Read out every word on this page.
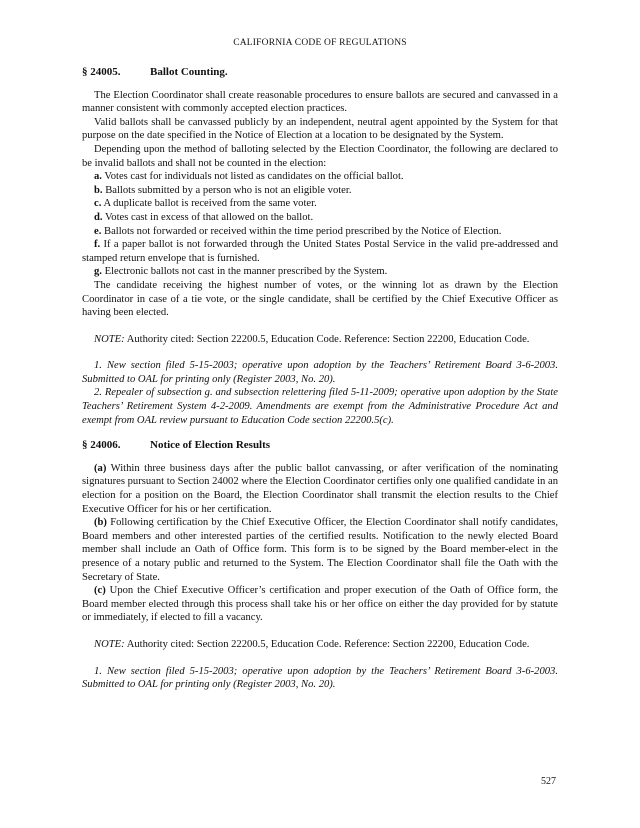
CALIFORNIA CODE OF REGULATIONS
§ 24005.	Ballot Counting.

The Election Coordinator shall create reasonable procedures to ensure ballots are secured and canvassed in a manner consistent with commonly accepted election practices.

Valid ballots shall be canvassed publicly by an independent, neutral agent appointed by the System for that purpose on the date specified in the Notice of Election at a location to be designated by the System.

Depending upon the method of balloting selected by the Election Coordinator, the following are declared to be invalid ballots and shall not be counted in the election:

a. Votes cast for individuals not listed as candidates on the official ballot.

b. Ballots submitted by a person who is not an eligible voter.

c. A duplicate ballot is received from the same voter.

d. Votes cast in excess of that allowed on the ballot.

e. Ballots not forwarded or received within the time period prescribed by the Notice of Election.

f. If a paper ballot is not forwarded through the United States Postal Service in the valid pre-addressed and stamped return envelope that is furnished.

g. Electronic ballots not cast in the manner prescribed by the System.

The candidate receiving the highest number of votes, or the winning lot as drawn by the Election Coordinator in case of a tie vote, or the single candidate, shall be certified by the Chief Executive Officer as having been elected.

NOTE: Authority cited: Section 22200.5, Education Code. Reference: Section 22200, Education Code.

1. New section filed 5-15-2003; operative upon adoption by the Teachers’ Retirement Board 3-6-2003. Submitted to OAL for printing only (Register 2003, No. 20).

2. Repealer of subsection g. and subsection relettering filed 5-11-2009; operative upon adoption by the State Teachers’ Retirement System 4-2-2009. Amendments are exempt from the Administrative Procedure Act and exempt from OAL review pursuant to Education Code section 22200.5(c).

§ 24006.	Notice of Election Results

(a) Within three business days after the public ballot canvassing, or after verification of the nominating signatures pursuant to Section 24002 where the Election Coordinator certifies only one qualified candidate in an election for a position on the Board, the Election Coordinator shall transmit the election results to the Chief Executive Officer for his or her certification.

(b) Following certification by the Chief Executive Officer, the Election Coordinator shall notify candidates, Board members and other interested parties of the certified results. Notification to the newly elected Board member shall include an Oath of Office form. This form is to be signed by the Board member-elect in the presence of a notary public and returned to the System. The Election Coordinator shall file the Oath with the Secretary of State.

(c) Upon the Chief Executive Officer’s certification and proper execution of the Oath of Office form, the Board member elected through this process shall take his or her office on either the day provided for by statute or immediately, if elected to fill a vacancy.

NOTE: Authority cited: Section 22200.5, Education Code. Reference: Section 22200, Education Code.

1. New section filed 5-15-2003; operative upon adoption by the Teachers’ Retirement Board 3-6-2003. Submitted to OAL for printing only (Register 2003, No. 20).

527
